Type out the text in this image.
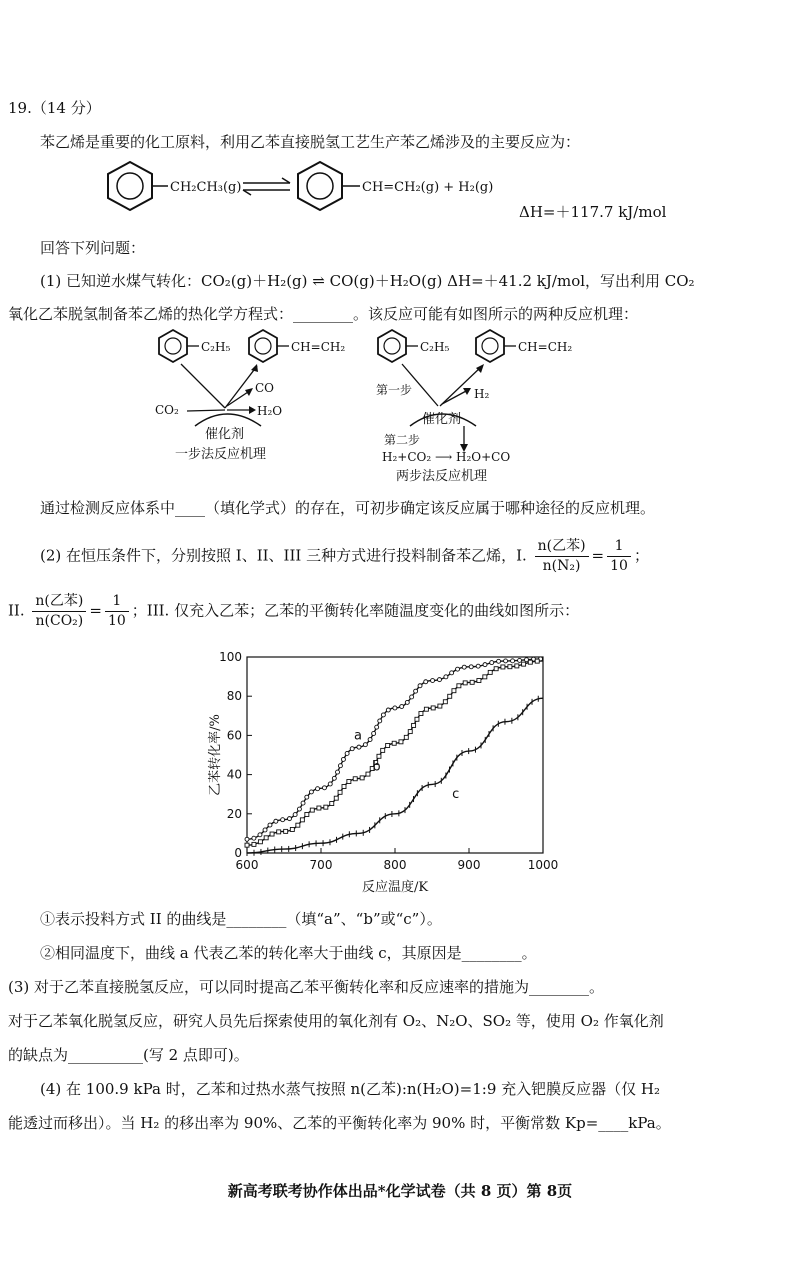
19.（14 分）
苯乙烯是重要的化工原料，利用乙苯直接脱氢工艺生产苯乙烯涉及的主要反应为：
CH₂CH₃(g)	CH=CH₂(g) + H₂(g)
ΔH=＋117.7 kJ/mol
回答下列问题：
(1) 已知逆水煤气转化：CO₂(g)＋H₂(g) ⇌ CO(g)＋H₂O(g) ΔH=＋41.2 kJ/mol，写出利用 CO₂
氧化乙苯脱氢制备苯乙烯的热化学方程式：________。该反应可能有如图所示的两种反应机理：
C₂H₅	CH=CH₂
CO₂
CO
H₂O
催化剂
一步法反应机理
C₂H₅	CH=CH₂
第一步	H₂
催化剂
第二步
H₂+CO₂ ⟶ H₂O+CO
两步法反应机理
通过检测反应体系中____（填化学式）的存在，可初步确定该反应属于哪种途径的反应机理。
(2) 在恒压条件下，分别按照 I、II、III 三种方式进行投料制备苯乙烯，I. $\frac{\text{n(乙苯)}}{\text{n(N₂)}} = \frac{1}{10}$ ；
II. $\frac{\text{n(乙苯)}}{\text{n(CO₂)}} = \frac{1}{10}$ ；III. 仅充入乙苯；乙苯的平衡转化率随温度变化的曲线如图所示：
600	700	800	900	1000
0
20
40
60
80
100
a
b
c
反应温度/K
乙苯转化率/%
①表示投料方式 II 的曲线是________（填“a”、“b”或“c”）。
②相同温度下，曲线 a 代表乙苯的转化率大于曲线 c，其原因是________。
(3) 对于乙苯直接脱氢反应，可以同时提高乙苯平衡转化率和反应速率的措施为________。
对于乙苯氧化脱氢反应，研究人员先后探索使用的氧化剂有 O₂、N₂O、SO₂ 等，使用 O₂ 作氧化剂
的缺点为__________(写 2 点即可)。
(4) 在 100.9 kPa 时，乙苯和过热水蒸气按照 n(乙苯):n(H₂O)=1:9 充入钯膜反应器（仅 H₂
能透过而移出）。当 H₂ 的移出率为 90%、乙苯的平衡转化率为 90% 时，平衡常数 Kp=____kPa。
新高考联考协作体出品*化学试卷（共 8 页）第 8页
